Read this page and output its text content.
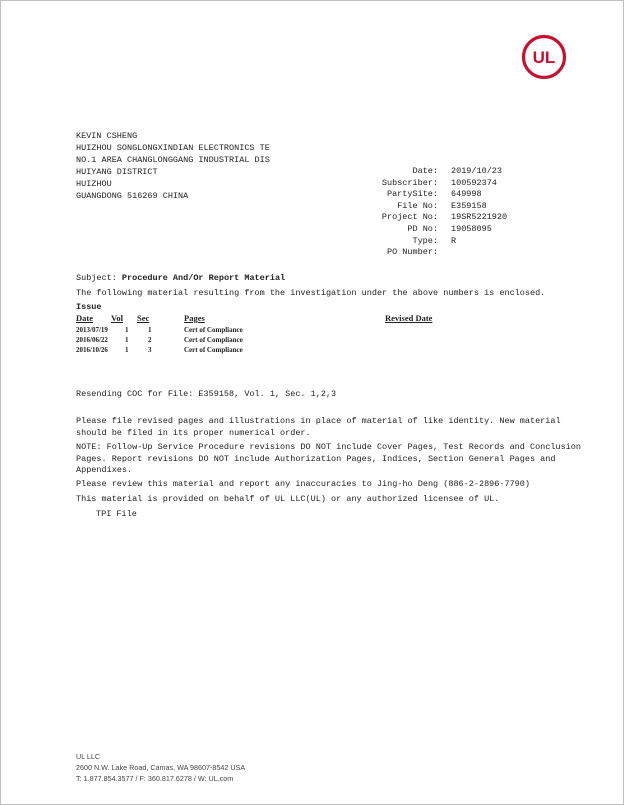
UL
KEVIN CSHENG
HUIZHOU SONGLONGXINDIAN ELECTRONICS TE
NO.1 AREA CHANGLONGGANG INDUSTRIAL DIS
HUIYANG DISTRICT
HUIZHOU
GUANGDONG 516269 CHINA
Date:	2019/10/23
Subscriber:	100592374
PartySite:	649998
File No:	E359158
Project No:	19SR5221920
PD No:	19058095
Type:	R
PO Number:
Subject: Procedure And/Or Report Material
The following material resulting from the investigation under the above numbers is enclosed.
Issue
Date Vol Sec	Pages	Revised Date
2013/07/19 1	1	Cert of Compliance
2016/06/22 1	2	Cert of Compliance
2016/10/26 1	3	Cert of Compliance
Resending COC for File: E359158, Vol. 1, Sec. 1,2,3
Please file revised pages and illustrations in place of material of like identity. New material should be filed in its proper numerical order.
NOTE: Follow-Up Service Procedure revisions DO NOT include Cover Pages, Test Records and Conclusion Pages. Report revisions DO NOT include Authorization Pages, Indices, Section General Pages and Appendixes.
Please review this material and report any inaccuracies to Jing-ho Deng (886-2-2896-7790)
This material is provided on behalf of UL LLC(UL) or any authorized licensee of UL.
TPI File
UL LLC
2600 N.W. Lake Road, Camas, WA 98607-8542 USA
T: 1.877.854.3577 / F: 360.817.6278 / W: UL.com
